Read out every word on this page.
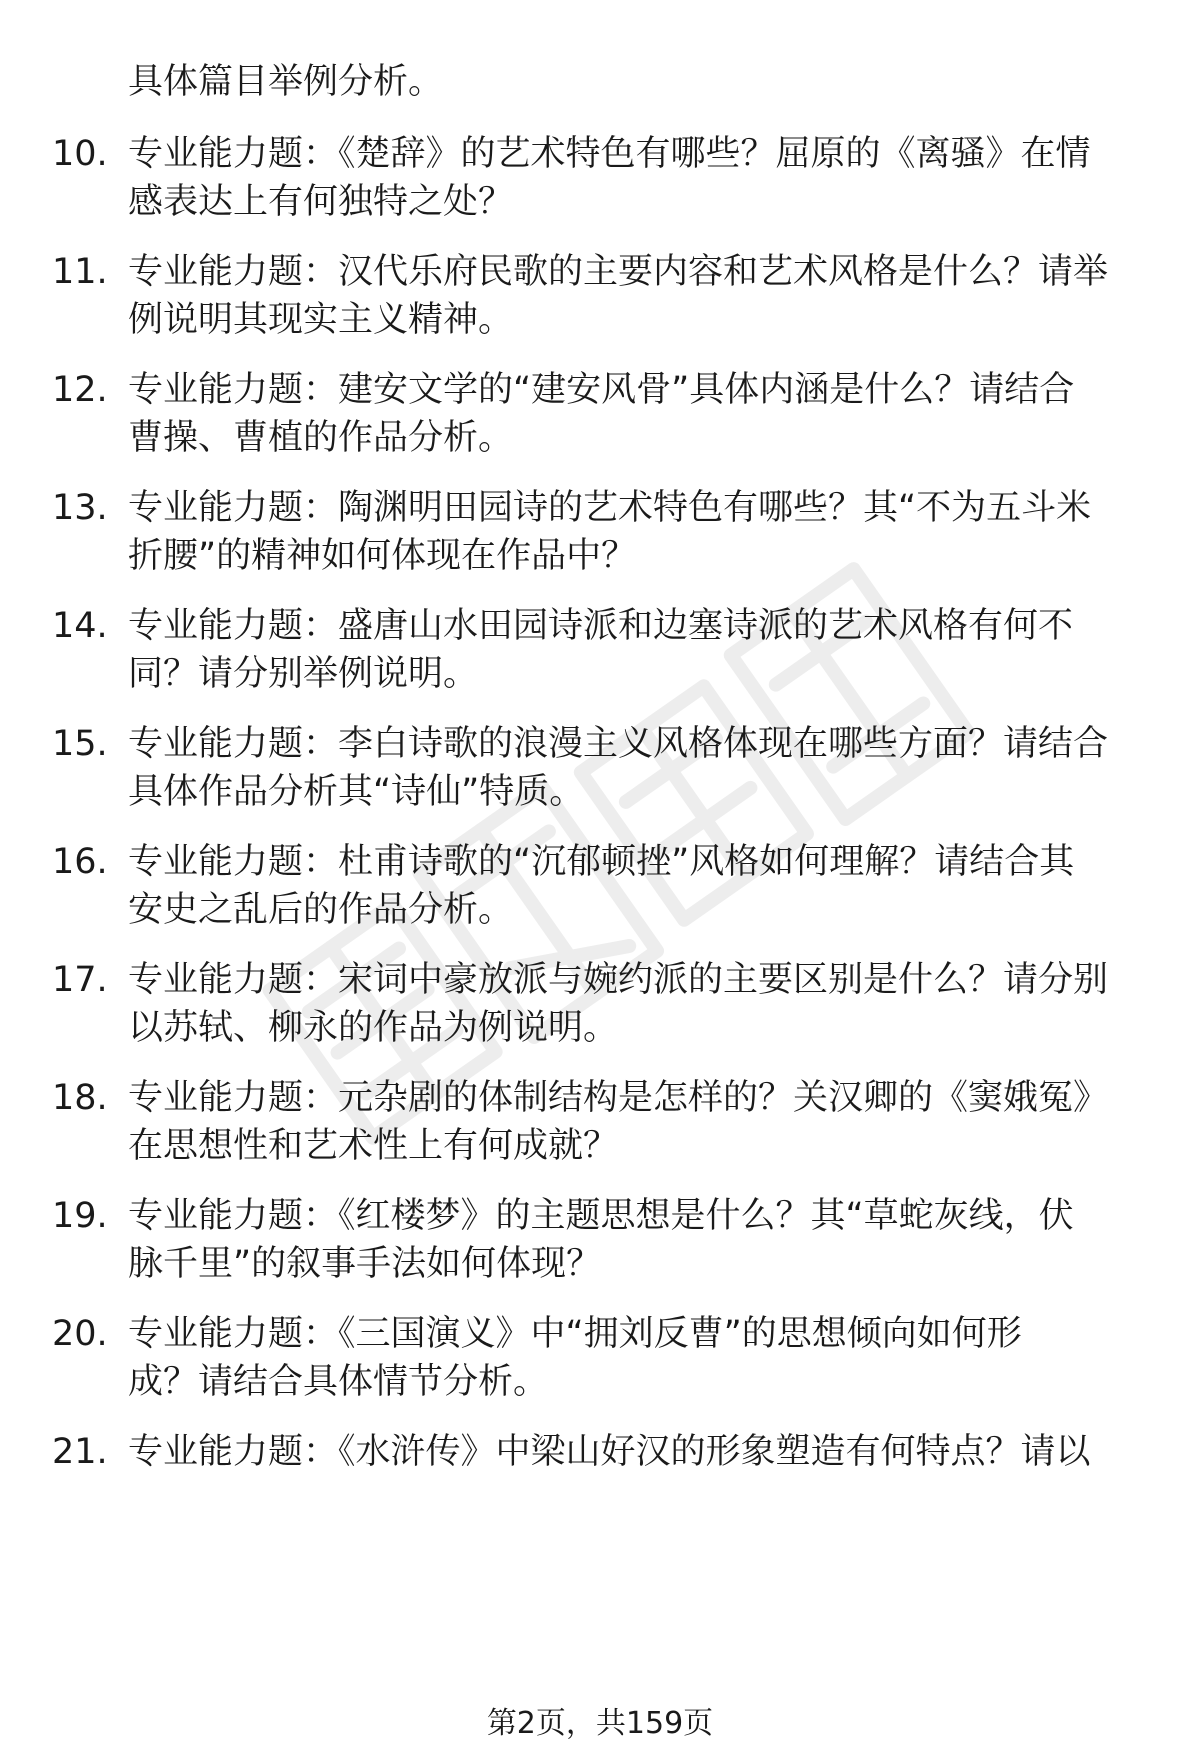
具体篇目举例分析。
10. 专业能力题：《楚辞》的艺术特色有哪些？屈原的《离骚》在情
感表达上有何独特之处？
11. 专业能力题：汉代乐府民歌的主要内容和艺术风格是什么？请举
例说明其现实主义精神。
12. 专业能力题：建安文学的“建安风骨”具体内涵是什么？请结合
曹操、曹植的作品分析。
13. 专业能力题：陶渊明田园诗的艺术特色有哪些？其“不为五斗米
折腰”的精神如何体现在作品中？
14. 专业能力题：盛唐山水田园诗派和边塞诗派的艺术风格有何不
同？请分别举例说明。
15. 专业能力题：李白诗歌的浪漫主义风格体现在哪些方面？请结合
具体作品分析其“诗仙”特质。
16. 专业能力题：杜甫诗歌的“沉郁顿挫”风格如何理解？请结合其
安史之乱后的作品分析。
17. 专业能力题：宋词中豪放派与婉约派的主要区别是什么？请分别
以苏轼、柳永的作品为例说明。
18. 专业能力题：元杂剧的体制结构是怎样的？关汉卿的《窦娥冤》
在思想性和艺术性上有何成就？
19. 专业能力题：《红楼梦》的主题思想是什么？其“草蛇灰线，伏
脉千里”的叙事手法如何体现？
20. 专业能力题：《三国演义》中“拥刘反曹”的思想倾向如何形
成？请结合具体情节分析。
21. 专业能力题：《水浒传》中梁山好汉的形象塑造有何特点？请以
第2页，共159页
